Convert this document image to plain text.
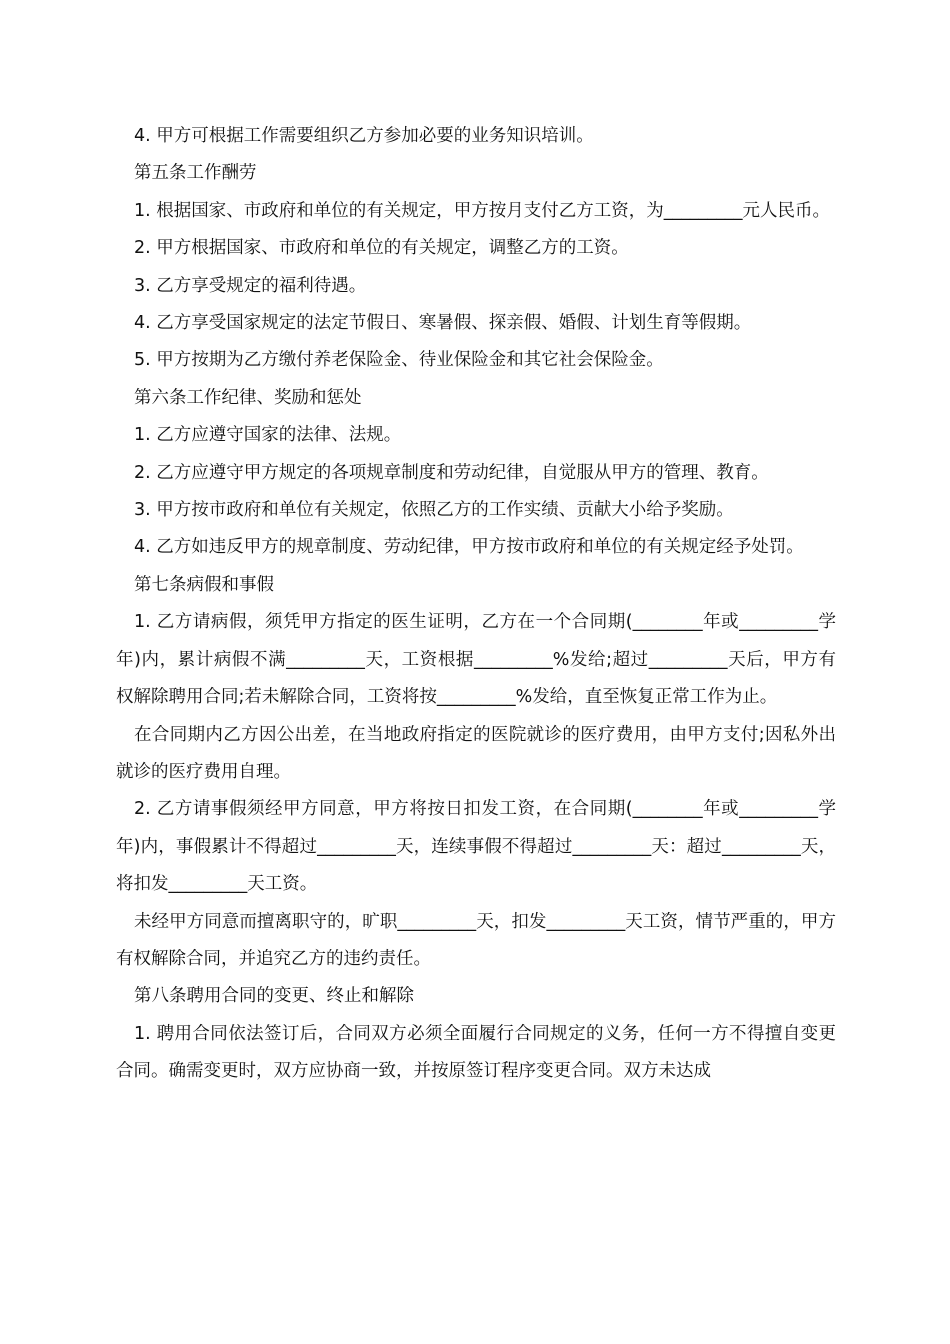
4. 甲方可根据工作需要组织乙方参加必要的业务知识培训。

第五条工作酬劳

1. 根据国家、市政府和单位的有关规定，甲方按月支付乙方工资，为_________元人民币。

2. 甲方根据国家、市政府和单位的有关规定，调整乙方的工资。

3. 乙方享受规定的福利待遇。

4. 乙方享受国家规定的法定节假日、寒暑假、探亲假、婚假、计划生育等假期。

5. 甲方按期为乙方缴付养老保险金、待业保险金和其它社会保险金。

第六条工作纪律、奖励和惩处

1. 乙方应遵守国家的法律、法规。

2. 乙方应遵守甲方规定的各项规章制度和劳动纪律，自觉服从甲方的管理、教育。

3. 甲方按市政府和单位有关规定，依照乙方的工作实绩、贡献大小给予奖励。

4. 乙方如违反甲方的规章制度、劳动纪律，甲方按市政府和单位的有关规定经予处罚。

第七条病假和事假

1. 乙方请病假，须凭甲方指定的医生证明，乙方在一个合同期(________年或_________学年)内，累计病假不满_________天，工资根据_________%发给;超过_________天后，甲方有权解除聘用合同;若未解除合同，工资将按_________%发给，直至恢复正常工作为止。

在合同期内乙方因公出差，在当地政府指定的医院就诊的医疗费用，由甲方支付;因私外出就诊的医疗费用自理。

2. 乙方请事假须经甲方同意，甲方将按日扣发工资，在合同期(________年或_________学年)内，事假累计不得超过_________天，连续事假不得超过_________天：超过_________天，将扣发_________天工资。

未经甲方同意而擅离职守的，旷职_________天，扣发_________天工资，情节严重的，甲方有权解除合同，并追究乙方的违约责任。

第八条聘用合同的变更、终止和解除

1. 聘用合同依法签订后，合同双方必须全面履行合同规定的义务，任何一方不得擅自变更合同。确需变更时，双方应协商一致，并按原签订程序变更合同。双方未达成
